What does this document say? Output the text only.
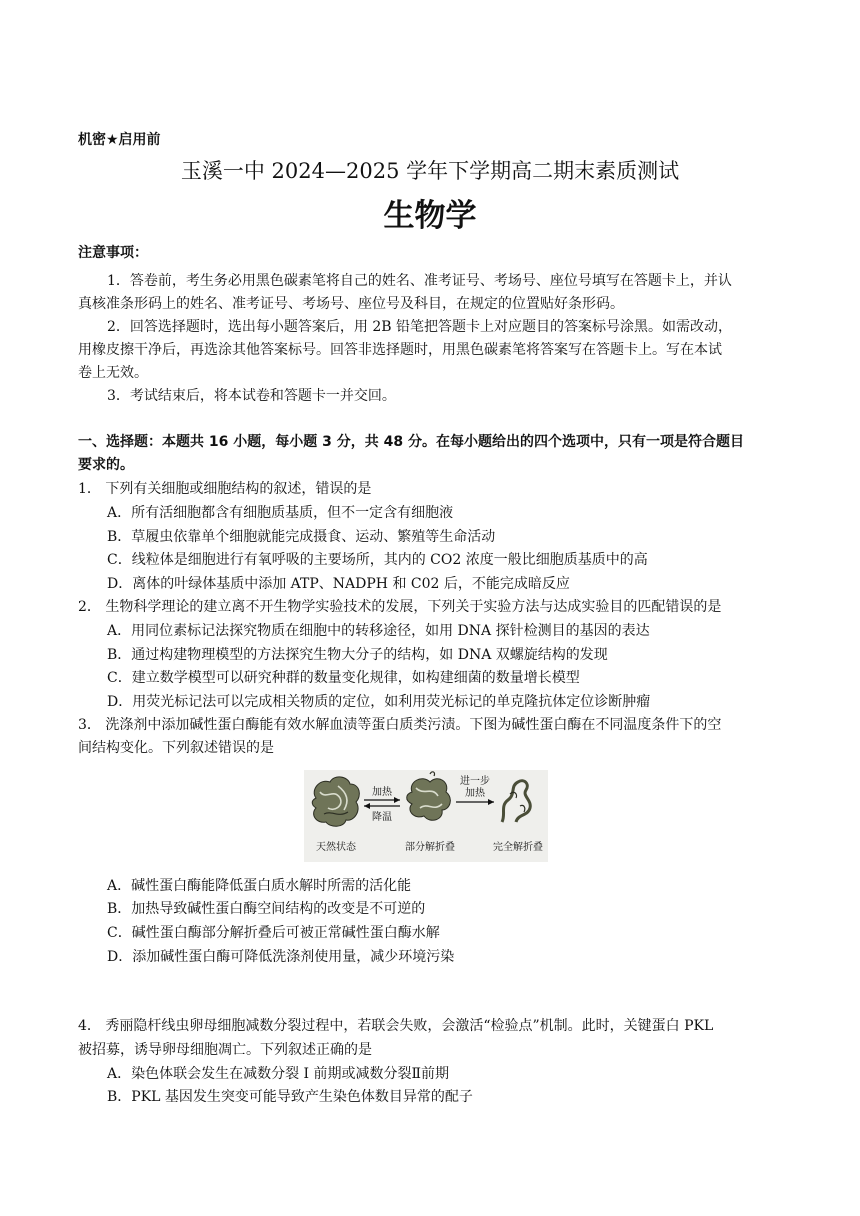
机密★启用前
玉溪一中 2024—2025 学年下学期高二期末素质测试
生物学
注意事项：
1．答卷前，考生务必用黑色碳素笔将自己的姓名、准考证号、考场号、座位号填写在答题卡上，并认
真核准条形码上的姓名、准考证号、考场号、座位号及科目，在规定的位置贴好条形码。
2．回答选择题时，选出每小题答案后，用 2B 铅笔把答题卡上对应题目的答案标号涂黑。如需改动，
用橡皮擦干净后，再选涂其他答案标号。回答非选择题时，用黑色碳素笔将答案写在答题卡上。写在本试
卷上无效。
3．考试结束后，将本试卷和答题卡一并交回。
一、选择题：本题共 16 小题，每小题 3 分，共 48 分。在每小题给出的四个选项中，只有一项是符合题目
要求的。
1． 下列有关细胞或细胞结构的叙述，错误的是
A．所有活细胞都含有细胞质基质，但不一定含有细胞液
B．草履虫依靠单个细胞就能完成摄食、运动、繁殖等生命活动
C．线粒体是细胞进行有氧呼吸的主要场所，其内的 CO2 浓度一般比细胞质基质中的高
D．离体的叶绿体基质中添加 ATP、NADPH 和 C02 后，不能完成暗反应
2． 生物科学理论的建立离不开生物学实验技术的发展，下列关于实验方法与达成实验目的匹配错误的是
A．用同位素标记法探究物质在细胞中的转移途径，如用 DNA 探针检测目的基因的表达
B．通过构建物理模型的方法探究生物大分子的结构，如 DNA 双螺旋结构的发现
C．建立数学模型可以研究种群的数量变化规律，如构建细菌的数量增长模型
D．用荧光标记法可以完成相关物质的定位，如利用荧光标记的单克隆抗体定位诊断肿瘤
3． 洗涤剂中添加碱性蛋白酶能有效水解血渍等蛋白质类污渍。下图为碱性蛋白酶在不同温度条件下的空
间结构变化。下列叙述错误的是
加热
降温
进一步
加热
天然状态	部分解折叠	完全解折叠
A．碱性蛋白酶能降低蛋白质水解时所需的活化能
B．加热导致碱性蛋白酶空间结构的改变是不可逆的
C．碱性蛋白酶部分解折叠后可被正常碱性蛋白酶水解
D．添加碱性蛋白酶可降低洗涤剂使用量，减少环境污染
4． 秀丽隐杆线虫卵母细胞减数分裂过程中，若联会失败，会激活“检验点”机制。此时，关键蛋白 PKL
被招募，诱导卵母细胞凋亡。下列叙述正确的是
A．染色体联会发生在减数分裂 I 前期或减数分裂Ⅱ前期
B．PKL 基因发生突变可能导致产生染色体数目异常的配子
